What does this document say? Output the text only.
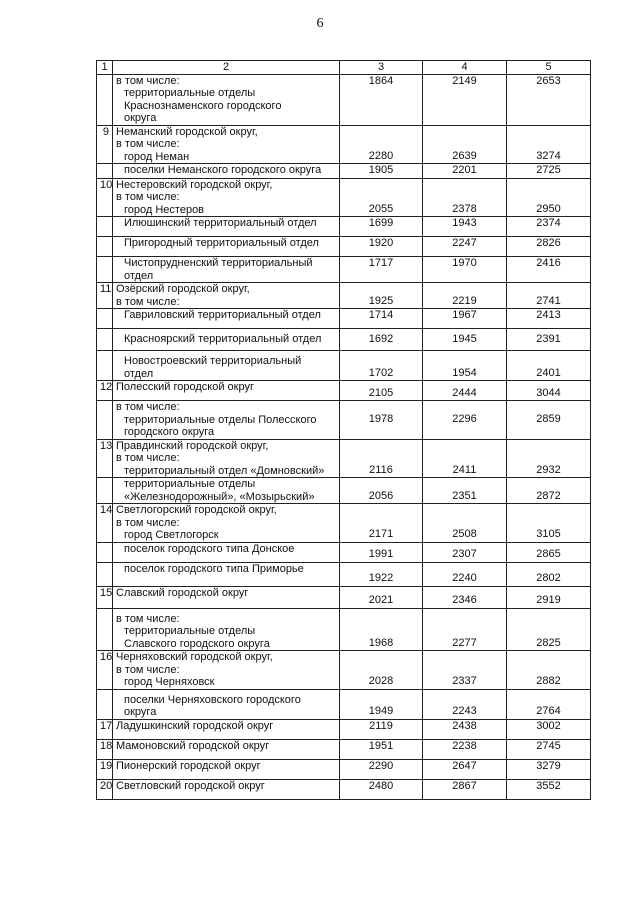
6
1	2	3	4	5

	в том числе:
территориальные отделы
Краснознаменского городского
округа	1864	2149	2653
9	Неманский городской округ,
в том числе:
город Неман	2280	2639	3274

	поселки Неманского городского округа	1905	2201	2725
10	Нестеровский городской округ,
в том числе:
город Нестеров	2055	2378	2950

	Илюшинский территориальный отдел	1699	1943	2374

	Пригородный территориальный отдел	1920	2247	2826

	Чистопрудненский территориальный
отдел	1717	1970	2416
11	Озёрский городской округ,
в том числе:	1925	2219	2741

	Гавриловский территориальный отдел	1714	1967	2413

	Красноярский территориальный отдел	1692	1945	2391

	Новостроевский территориальный
отдел	1702	1954	2401
12	Полесский городской округ	2105	2444	3044

	в том числе:
территориальные отделы Полесского
городского округа	1978	2296	2859
13	Правдинский городской округ,
в том числе:
территориальный отдел «Домновский»	2116	2411	2932

	территориальные отделы
«Железнодорожный», «Мозырьский»	2056	2351	2872
14	Светлогорский городской округ,
в том числе:
город Светлогорск	2171	2508	3105

	поселок городского типа Донское	1991	2307	2865

	поселок городского типа Приморье	1922	2240	2802
15	Славский городской округ	2021	2346	2919

	в том числе:
территориальные отделы
Славского городского округа	1968	2277	2825
16	Черняховский городской округ,
в том числе:
город Черняховск	2028	2337	2882

	поселки Черняховского городского
округа	1949	2243	2764
17	Ладушкинский городской округ	2119	2438	3002
18	Мамоновский городской округ	1951	2238	2745
19	Пионерский городской округ	2290	2647	3279
20	Светловский городской округ	2480	2867	3552
